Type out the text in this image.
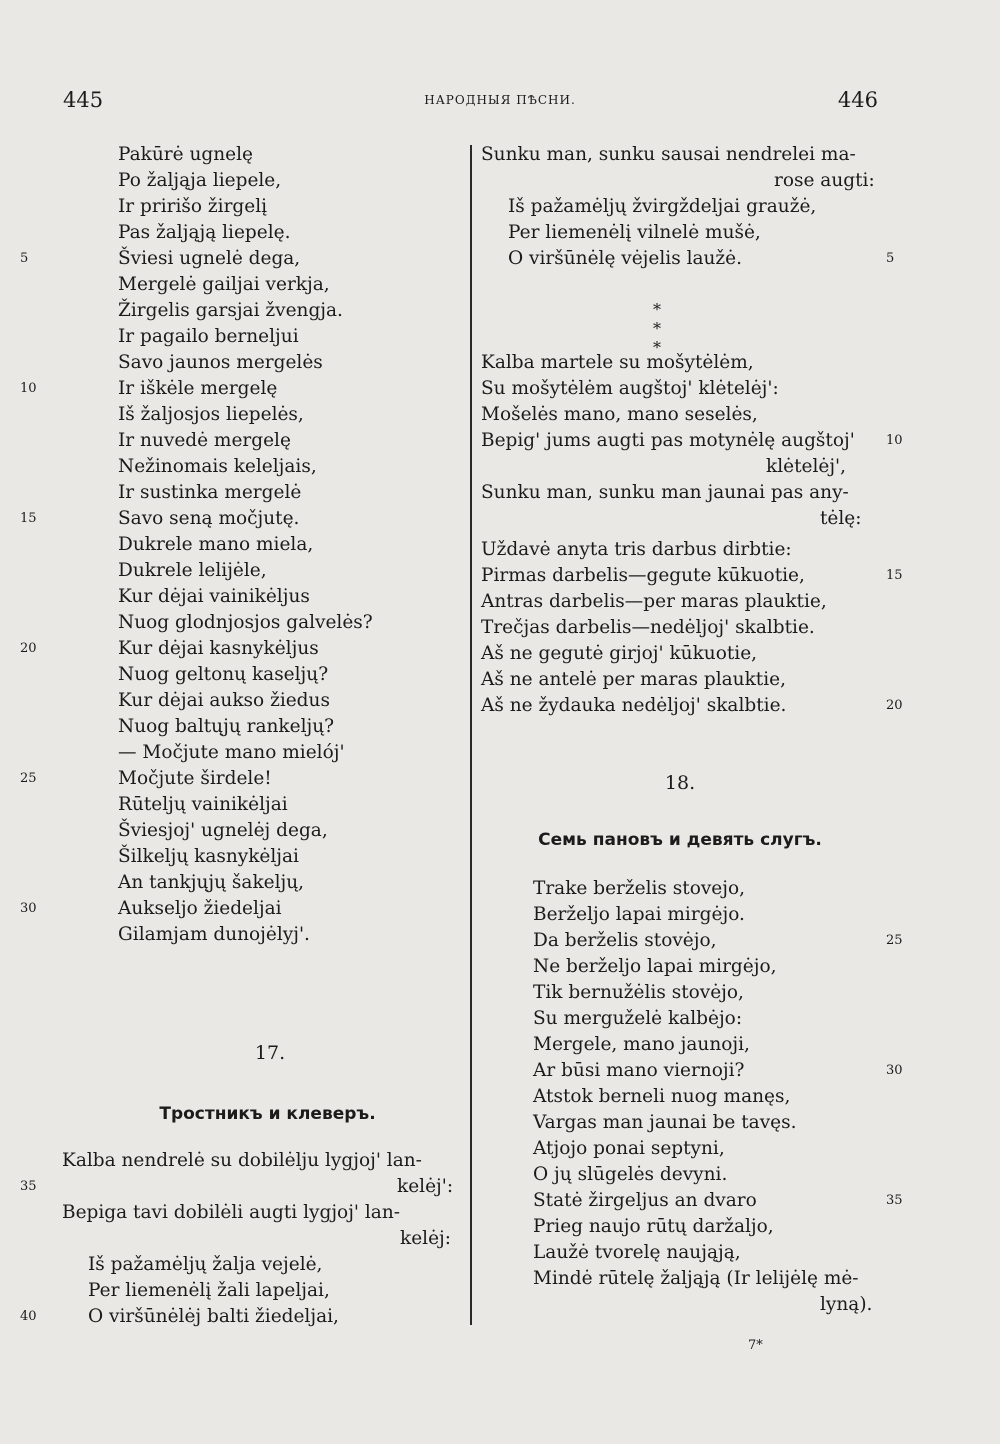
445	НАРОДНЫЯ ПѢСНИ.	446
Pakūrė ugnelę
Po žaljąja liepele,
Ir pririšo žirgelį
Pas žaljąją liepelę.
Šviesi ugnelė dega,
Mergelė gailjai verkja,
Žirgelis garsjai žvengja.
Ir pagailo berneljui
Savo jaunos mergelės
Ir iškėle mergelę
Iš žaljosjos liepelės,
Ir nuvedė mergelę
Nežinomais keleljais,
Ir sustinka mergelė
Savo seną močjutę.
Dukrele mano miela,
Dukrele lelijėle,
Kur dėjai vainikėljus
Nuog glodnjosjos galvelės?
Kur dėjai kasnykėljus
Nuog geltonų kaseljų?
Kur dėjai aukso žiedus
Nuog baltųjų rankeljų?
— Močjute mano mielój'
Močjute širdele!
Rūteljų vainikėljai
Šviesjoj' ugnelėj dega,
Šilkeljų kasnykėljai
An tankjųjų šakeljų,
Aukseljo žiedeljai
Gilamjam dunojėlyj'.
17.
Тростникъ и клеверъ.
Kalba nendrelė su dobilėlju lygjoj' lan-
kelėj':
Bepiga tavi dobilėli augti lygjoj' lan-
kelėj:
Iš pažamėljų žalja vejelė,
Per liemenėlį žali lapeljai,
O viršūnėlėj balti žiedeljai,
5
10
15
20
25
30
35
40
Sunku man, sunku sausai nendrelei ma-
rose augti:
Iš pažamėljų žvirgždeljai graužė,
Per liemenėlį vilnelė mušė,
O viršūnėlę vėjelis laužė.
* * *
Kalba martele su mošytėlėm,
Su mošytėlėm augštoj' klėtelėj':
Mošelės mano, mano seselės,
Bepig' jums augti pas motynėlę augštoj'
klėtelėj',
Sunku man, sunku man jaunai pas any-
tėlę:
Uždavė anyta tris darbus dirbtie:
Pirmas darbelis—gegute kūkuotie,
Antras darbelis—per maras plauktie,
Trečjas darbelis—nedėljoj' skalbtie.
Aš ne gegutė girjoj' kūkuotie,
Aš ne antelė per maras plauktie,
Aš ne žydauka nedėljoj' skalbtie.
18.
Семь пановъ и девять слугъ.
Trake berželis stovejo,
Berželjo lapai mirgėjo.
Da berželis stovėjo,
Ne berželjo lapai mirgėjo,
Tik bernužėlis stovėjo,
Su merguželė kalbėjo:
Mergele, mano jaunoji,
Ar būsi mano viernoji?
Atstok berneli nuog manęs,
Vargas man jaunai be tavęs.
Atjojo ponai septyni,
O jų slūgelės devyni.
Statė žirgeljus an dvaro
Prieg naujo rūtų daržaljo,
Laužė tvorelę naująją,
Mindė rūtelę žaljąją (Ir lelijėlę mė-
lyną).
5
10
15
20
25
30
35
7*
